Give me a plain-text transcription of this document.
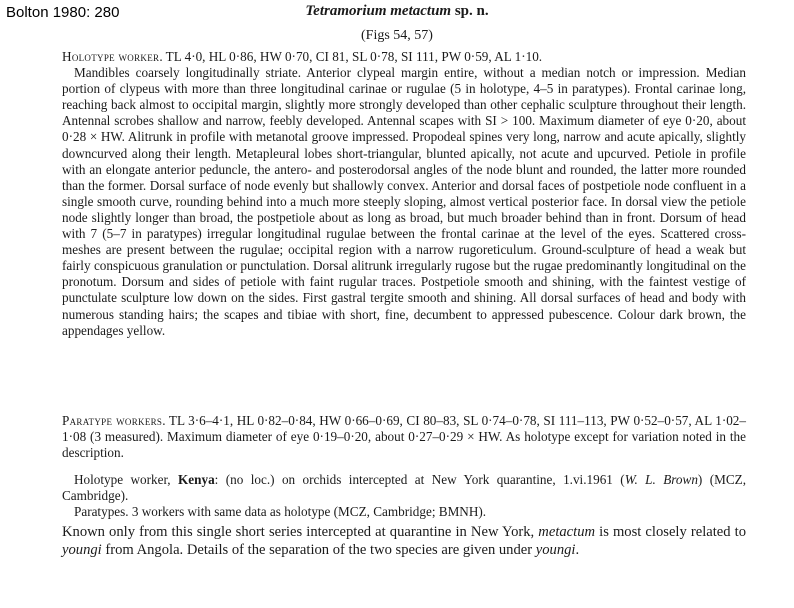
Bolton 1980: 280	Tetramorium metactum sp. n.
(Figs 54, 57)

Holotype worker. TL 4·0, HL 0·86, HW 0·70, CI 81, SL 0·78, SI 111, PW 0·59, AL 1·10.

Mandibles coarsely longitudinally striate. Anterior clypeal margin entire, without a median notch or impression. Median portion of clypeus with more than three longitudinal carinae or rugulae (5 in holotype, 4–5 in paratypes). Frontal carinae long, reaching back almost to occipital margin, slightly more strongly developed than other cephalic sculpture throughout their length. Antennal scrobes shallow and narrow, feebly developed. Antennal scapes with SI > 100. Maximum diameter of eye 0·20, about 0·28 × HW. Alitrunk in profile with metanotal groove impressed. Propodeal spines very long, narrow and acute apically, slightly downcurved along their length. Metapleural lobes short-triangular, blunted apically, not acute and upcurved. Petiole in profile with an elongate anterior peduncle, the antero- and posterodorsal angles of the node blunt and rounded, the latter more rounded than the former. Dorsal surface of node evenly but shallowly convex. Anterior and dorsal faces of postpetiole node confluent in a single smooth curve, rounding behind into a much more steeply sloping, almost vertical posterior face. In dorsal view the petiole node slightly longer than broad, the postpetiole about as long as broad, but much broader behind than in front. Dorsum of head with 7 (5–7 in paratypes) irregular longitudinal rugulae between the frontal carinae at the level of the eyes. Scattered cross-meshes are present between the rugulae; occipital region with a narrow rugoreticulum. Ground-sculpture of head a weak but fairly conspicuous granulation or punctulation. Dorsal alitrunk irregularly rugose but the rugae predominantly longitudinal on the pronotum. Dorsum and sides of petiole with faint rugular traces. Postpetiole smooth and shining, with the faintest vestige of punctulate sculpture low down on the sides. First gastral tergite smooth and shining. All dorsal surfaces of head and body with numerous standing hairs; the scapes and tibiae with short, fine, decumbent to appressed pubescence. Colour dark brown, the appendages yellow.

Paratype workers. TL 3·6–4·1, HL 0·82–0·84, HW 0·66–0·69, CI 80–83, SL 0·74–0·78, SI 111–113, PW 0·52–0·57, AL 1·02–1·08 (3 measured). Maximum diameter of eye 0·19–0·20, about 0·27–0·29 × HW. As holotype except for variation noted in the description.

Holotype worker, Kenya: (no loc.) on orchids intercepted at New York quarantine, 1.vi.1961 (W. L. Brown) (MCZ, Cambridge).

Paratypes. 3 workers with same data as holotype (MCZ, Cambridge; BMNH).

Known only from this single short series intercepted at quarantine in New York, metactum is most closely related to youngi from Angola. Details of the separation of the two species are given under youngi.
